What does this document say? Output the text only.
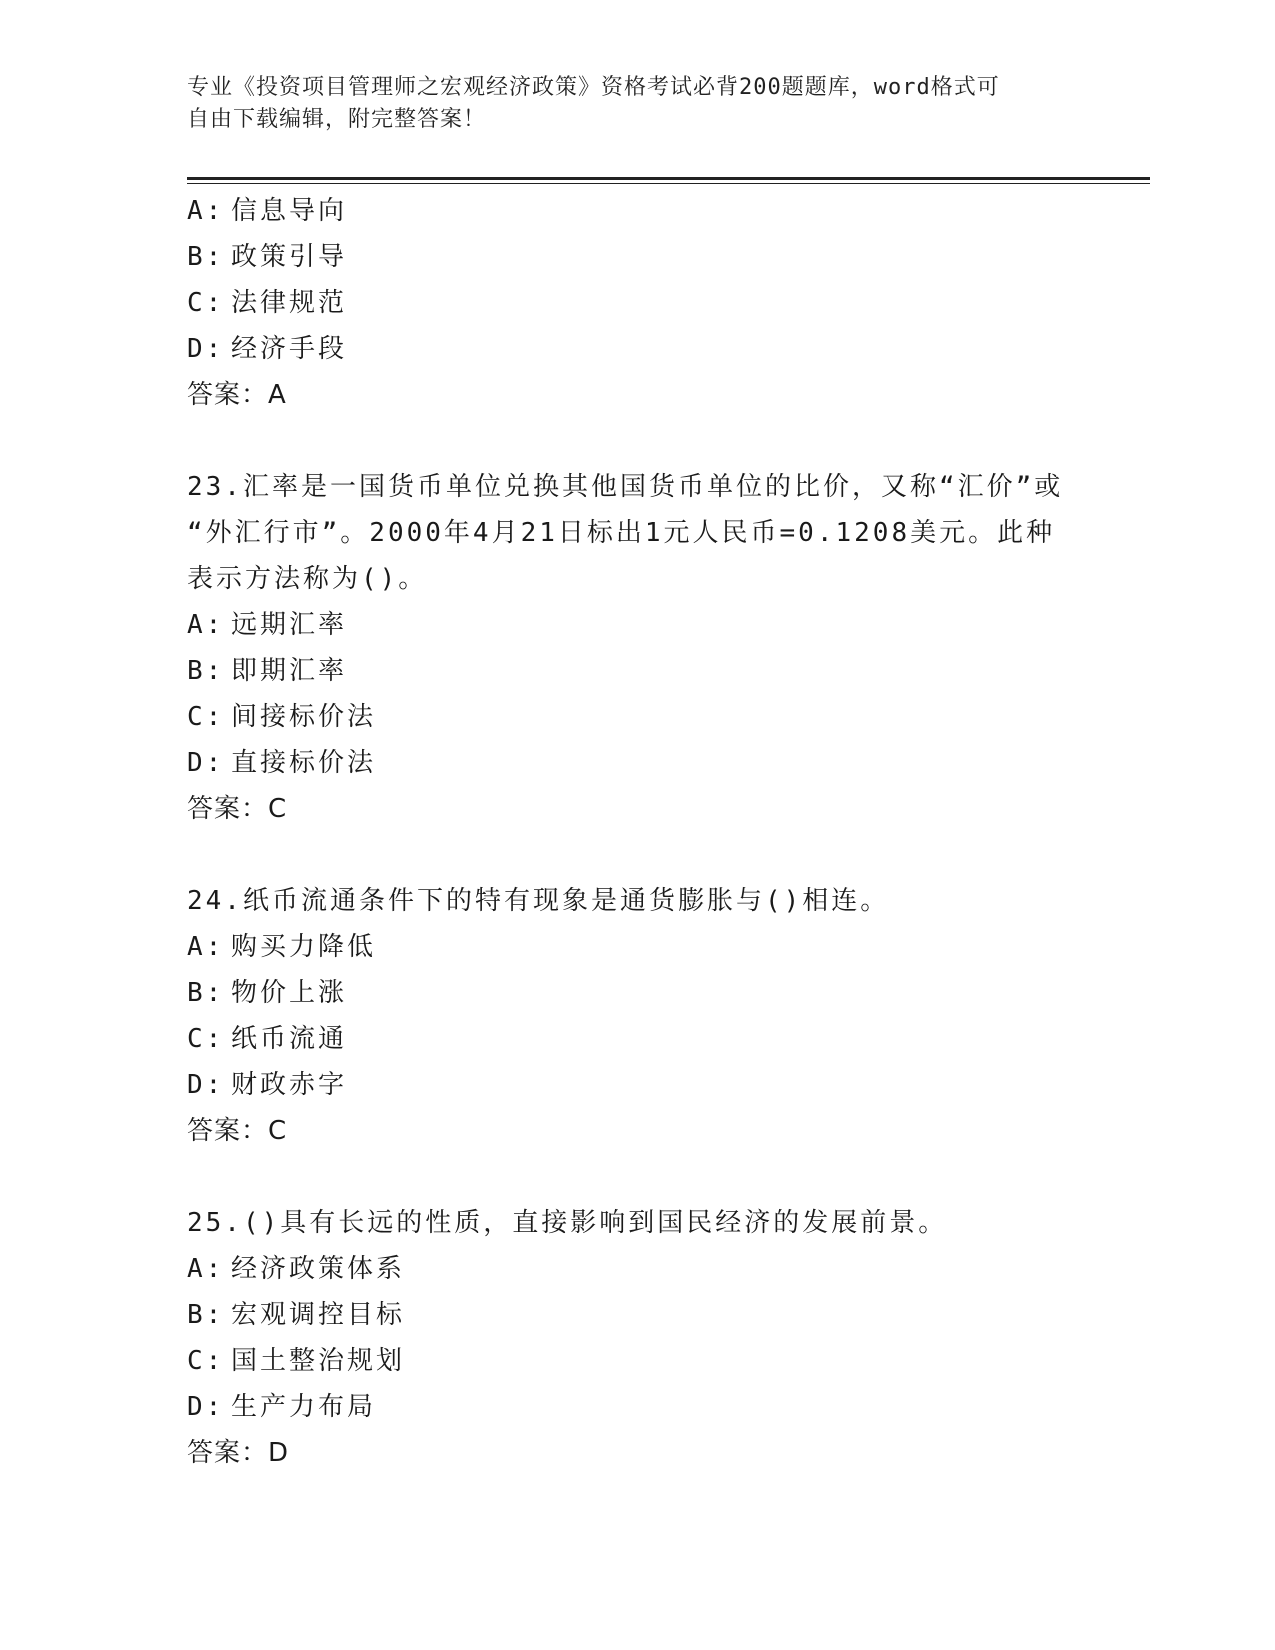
专业《投资项目管理师之宏观经济政策》资格考试必背200题题库，word格式可
自由下载编辑，附完整答案！
A: 信息导向
B: 政策引导
C: 法律规范
D: 经济手段
答案：A
23.汇率是一国货币单位兑换其他国货币单位的比价，又称“汇价”或
“外汇行市”。2000年4月21日标出1元人民币=0.1208美元。此种
表示方法称为()。
A: 远期汇率
B: 即期汇率
C: 间接标价法
D: 直接标价法
答案：C
24.纸币流通条件下的特有现象是通货膨胀与()相连。
A: 购买力降低
B: 物价上涨
C: 纸币流通
D: 财政赤字
答案：C
25.()具有长远的性质，直接影响到国民经济的发展前景。
A: 经济政策体系
B: 宏观调控目标
C: 国土整治规划
D: 生产力布局
答案：D
